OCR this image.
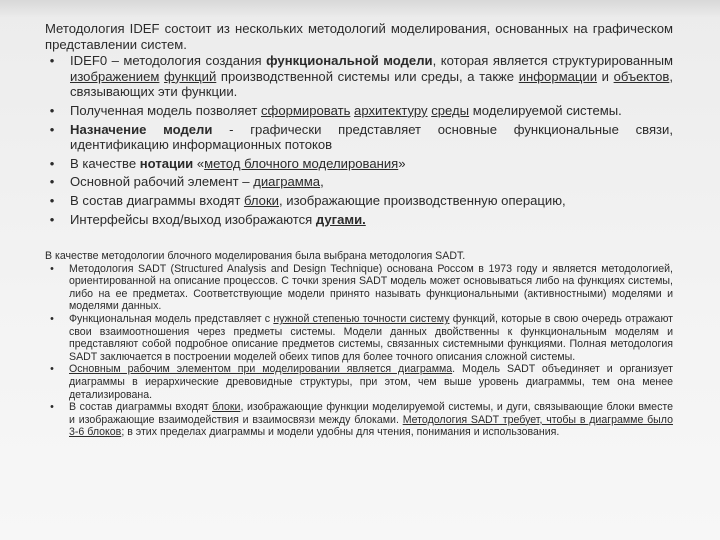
Методология IDEF состоит из нескольких методологий моделирования, основанных на графическом представлении систем.

•	IDEF0 – методология создания функциональной модели, которая является структурированным изображением функций производственной системы или среды, а также информации и объектов, связывающих эти функции.

•	Полученная модель позволяет сформировать архитектуру среды моделируемой системы.

•	Назначение модели - графически представляет основные функциональные связи, идентификацию информационных потоков

•	В качестве нотации «метод блочного моделирования»

•	Основной рабочий элемент – диаграмма,

•	В состав диаграммы входят блоки, изображающие производственную операцию,

•	Интерфейсы вход/выход изображаются дугами.

В качестве методологии блочного моделирования была выбрана методология SADT.

•	Методология SADT (Structured Analysis and Design Technique) основана Россом в 1973 году и является методологией, ориентированной на описание процессов. С точки зрения SADT модель может основываться либо на функциях системы, либо на ее предметах. Соответствующие модели принято называть функциональными (активностными) моделями и моделями данных.

•	Функциональная модель представляет с нужной степенью точности систему функций, которые в свою очередь отражают свои взаимоотношения через предметы системы. Модели данных двойственны к функциональным моделям и представляют собой подробное описание предметов системы, связанных системными функциями. Полная методология SADT заключается в построении моделей обеих типов для более точного описания сложной системы.

•	Основным рабочим элементом при моделировании является диаграмма. Модель SADT объединяет и организует диаграммы в иерархические древовидные структуры, при этом, чем выше уровень диаграммы, тем она менее детализирована.

•	В состав диаграммы входят блоки, изображающие функции моделируемой системы, и дуги, связывающие блоки вместе и изображающие взаимодействия и взаимосвязи между блоками. Методология SADT требует, чтобы в диаграмме было 3-6 блоков; в этих пределах диаграммы и модели удобны для чтения, понимания и использования.
